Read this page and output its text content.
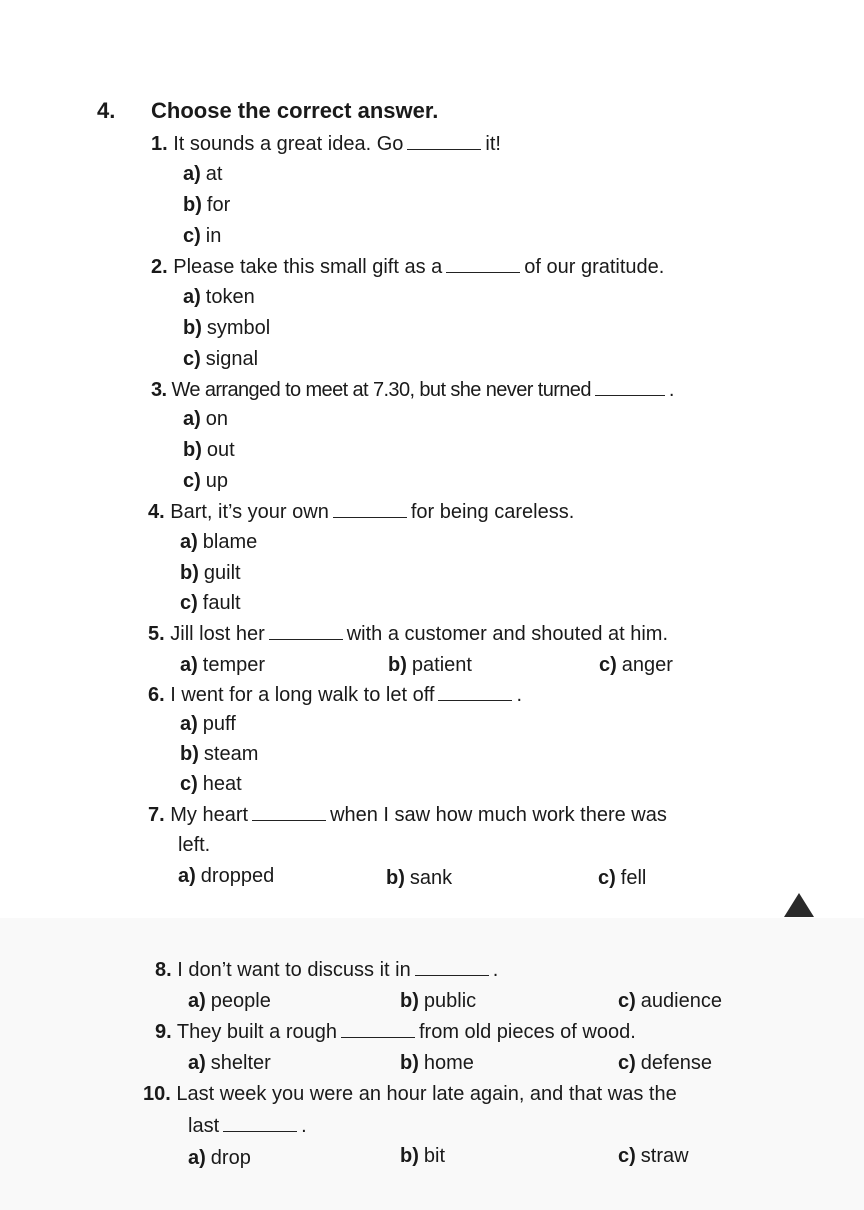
4. Choose the correct answer.
1. It sounds a great idea. Go	it!
a) at
b) for
c) in
2. Please take this small gift as a	of our gratitude.
a) token
b) symbol
c) signal
3. We arranged to meet at 7.30, but she never turned	.
a) on
b) out
c) up
4. Bart, it’s your own	for being careless.
a) blame
b) guilt
c) fault
5. Jill lost her	with a customer and shouted at him.
a) temper	b) patient	c) anger
6. I went for a long walk to let off	.
a) puff
b) steam
c) heat
7. My heart	when I saw how much work there was
left.
a) dropped	b) sank	c) fell
8. I don’t want to discuss it in	.
a) people	b) public	c) audience
9. They built a rough	from old pieces of wood.
a) shelter	b) home	c) defense
10. Last week you were an hour late again, and that was the
last	.
a) drop	b) bit	c) straw
